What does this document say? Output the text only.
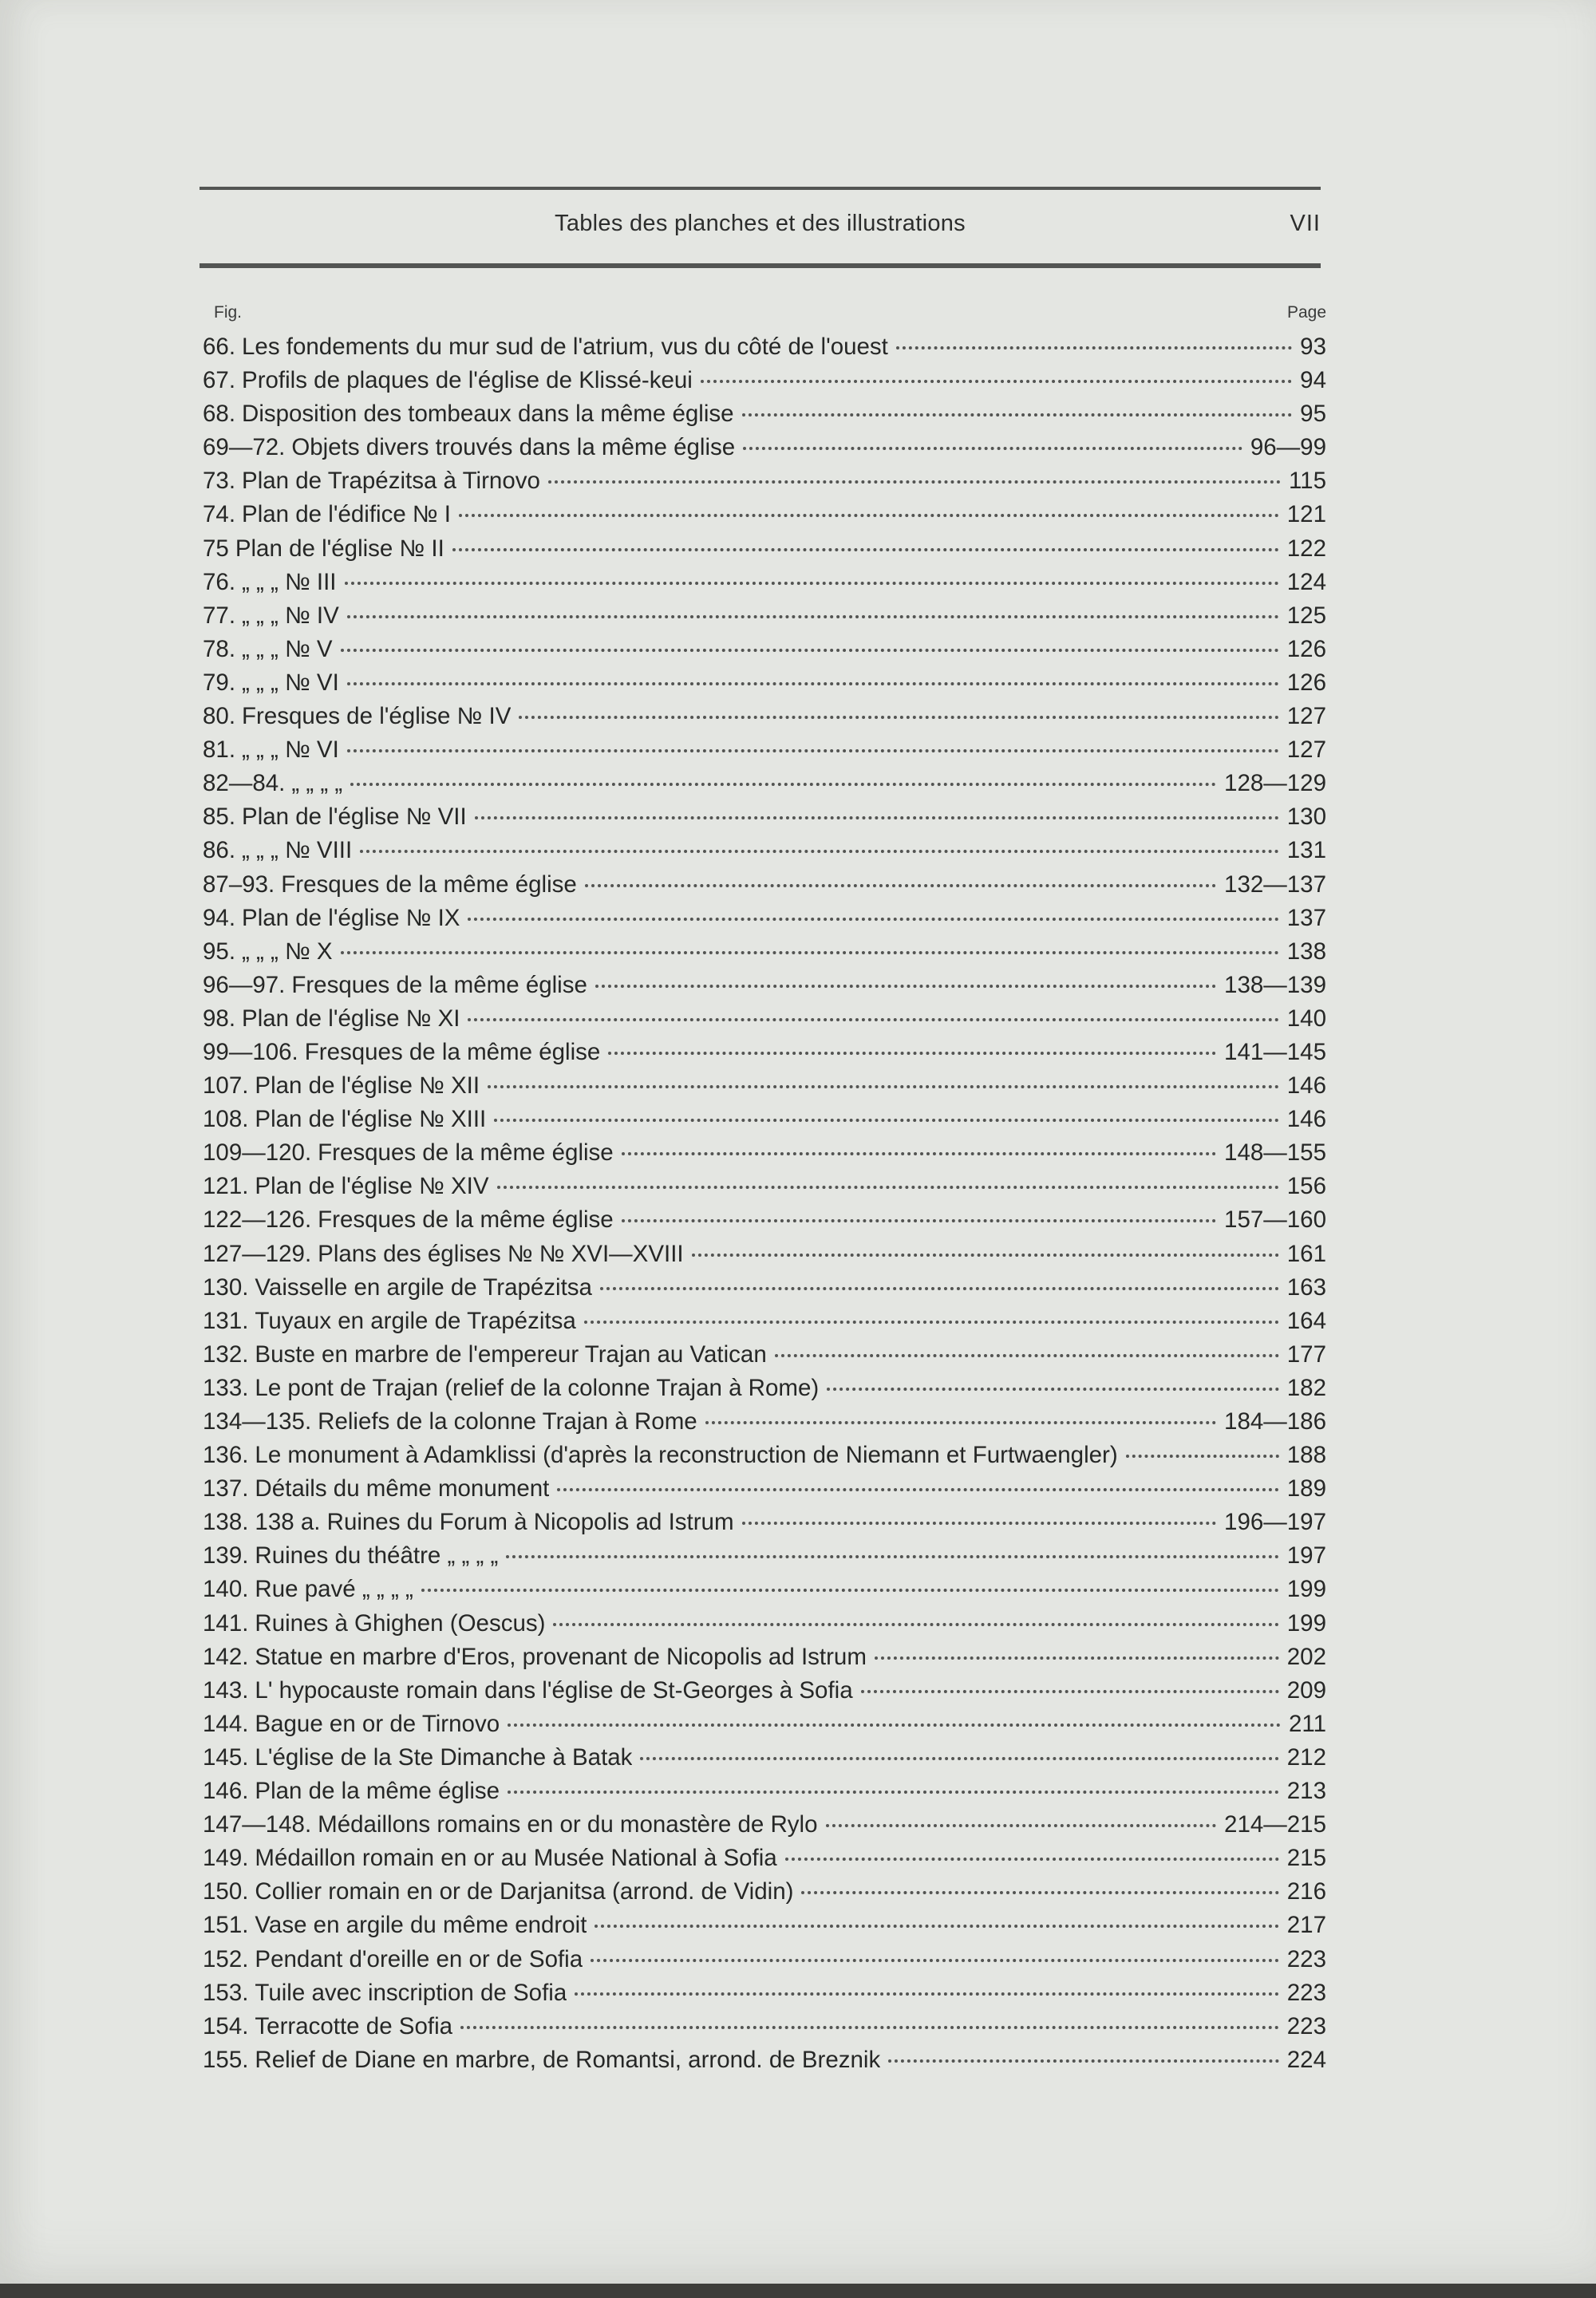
Tables des planches et des illustrations	VII
Fig.	Page
66. Les fondements du mur sud de l'atrium, vus du côté de l'ouest	93
67. Profils de plaques de l'église de Klissé-keui	94
68. Disposition des tombeaux dans la même église	95
69—72. Objets divers trouvés dans la même église	96—99
73. Plan de Trapézitsa à Tirnovo	115
74. Plan de l'édifice № I	121
75 Plan de l'église № II	122
76. „ „ „ № III	124
77. „ „ „ № IV	125
78. „ „ „ № V	126
79. „ „ „ № VI	126
80. Fresques de l'église № IV	127
81. „ „ „ № VI	127
82—84. „ „ „ „	128—129
85. Plan de l'église № VII	130
86. „ „ „ № VIII	131
87–93. Fresques de la même église	132—137
94. Plan de l'église № IX	137
95. „ „ „ № X	138
96—97. Fresques de la même église	138—139
98. Plan de l'église № XI	140
99—106. Fresques de la même église	141—145
107. Plan de l'église № XII	146
108. Plan de l'église № XIII	146
109—120. Fresques de la même église	148—155
121. Plan de l'église № XIV	156
122—126. Fresques de la même église	157—160
127—129. Plans des églises № № XVI—XVIII	161
130. Vaisselle en argile de Trapézitsa	163
131. Tuyaux en argile de Trapézitsa	164
132. Buste en marbre de l'empereur Trajan au Vatican	177
133. Le pont de Trajan (relief de la colonne Trajan à Rome)	182
134—135. Reliefs de la colonne Trajan à Rome	184—186
136. Le monument à Adamklissi (d'après la reconstruction de Niemann et Furtwaengler)	188
137. Détails du même monument	189
138. 138 a. Ruines du Forum à Nicopolis ad Istrum	196—197
139. Ruines du théâtre „ „ „ „	197
140. Rue pavé „ „ „ „	199
141. Ruines à Ghighen (Oescus)	199
142. Statue en marbre d'Eros, provenant de Nicopolis ad Istrum	202
143. L' hypocauste romain dans l'église de St-Georges à Sofia	209
144. Bague en or de Tirnovo	211
145. L'église de la Ste Dimanche à Batak	212
146. Plan de la même église	213
147—148. Médaillons romains en or du monastère de Rylo	214—215
149. Médaillon romain en or au Musée National à Sofia	215
150. Collier romain en or de Darjanitsa (arrond. de Vidin)	216
151. Vase en argile du même endroit	217
152. Pendant d'oreille en or de Sofia	223
153. Tuile avec inscription de Sofia	223
154. Terracotte de Sofia	223
155. Relief de Diane en marbre, de Romantsi, arrond. de Breznik	224
